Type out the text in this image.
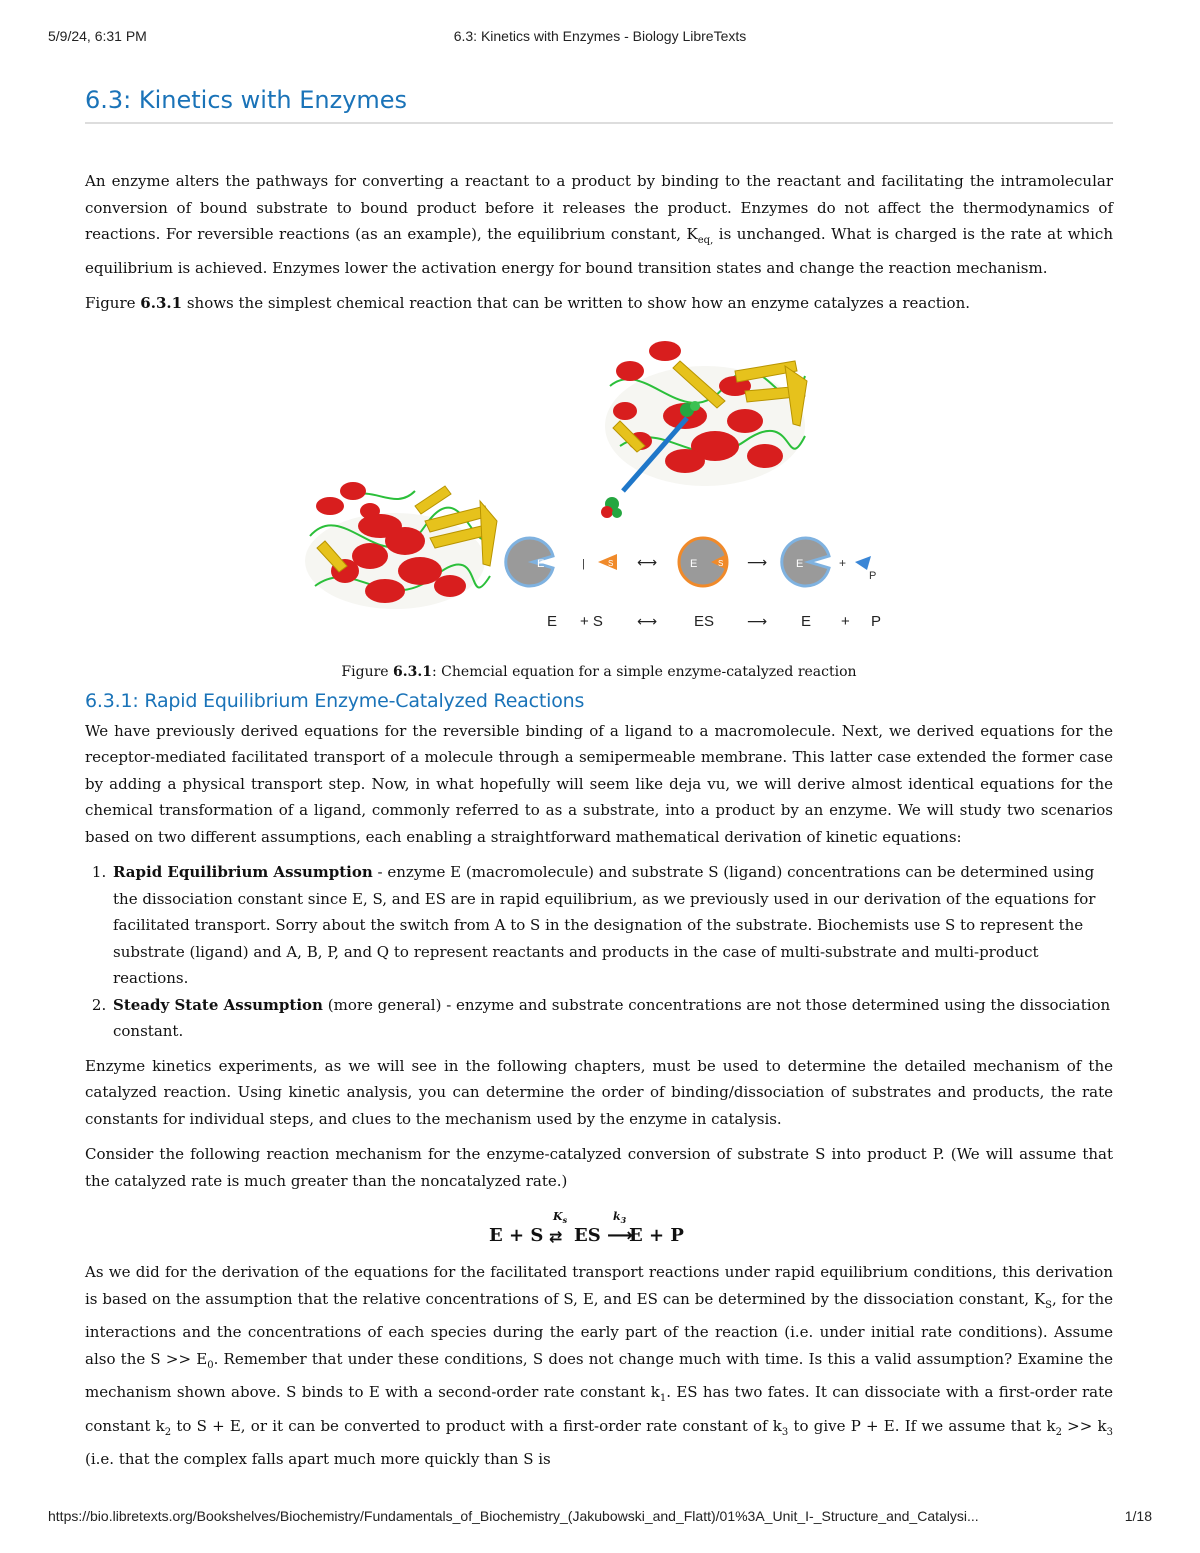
6.3: Kinetics with Enzymes - Biology LibreTexts
5/9/24, 6:31 PM
6.3: Kinetics with Enzymes

An enzyme alters the pathways for converting a reactant to a product by binding to the reactant and facilitating the intramolecular conversion of bound substrate to bound product before it releases the product. Enzymes do not affect the thermodynamics of reactions. For reversible reactions (as an example), the equilibrium constant, $K_{eq,}$ is unchanged. What is charged is the rate at which equilibrium is achieved. Enzymes lower the activation energy for bound transition states and change the reaction mechanism.

Figure 6.3.1 shows the simplest chemical reaction that can be written to show how an enzyme catalyzes a reaction.

E	|	S ⟷	E	S ⟶	E	+
P
E + S ⟷ ES ⟶ E + P
Figure 6.3.1: Chemcial equation for a simple enzyme-catalyzed reaction
6.3.1: Rapid Equilibrium Enzyme-Catalyzed Reactions

We have previously derived equations for the reversible binding of a ligand to a macromolecule. Next, we derived equations for the receptor-mediated facilitated transport of a molecule through a semipermeable membrane. This latter case extended the former case by adding a physical transport step. Now, in what hopefully will seem like deja vu, we will derive almost identical equations for the chemical transformation of a ligand, commonly referred to as a substrate, into a product by an enzyme. We will study two scenarios based on two different assumptions, each enabling a straightforward mathematical derivation of kinetic equations:

1. Rapid Equilibrium Assumption - enzyme E (macromolecule) and substrate S (ligand) concentrations can be determined using the dissociation constant since E, S, and ES are in rapid equilibrium, as we previously used in our derivation of the equations for facilitated transport. Sorry about the switch from A to S in the designation of the substrate. Biochemists use S to represent the substrate (ligand) and A, B, P, and Q to represent reactants and products in the case of multi-substrate and multi-product reactions.
2. Steady State Assumption (more general) - enzyme and substrate concentrations are not those determined using the dissociation constant.

Enzyme kinetics experiments, as we will see in the following chapters, must be used to determine the detailed mechanism of the catalyzed reaction. Using kinetic analysis, you can determine the order of binding/dissociation of substrates and products, the rate constants for individual steps, and clues to the mechanism used by the enzyme in catalysis.

Consider the following reaction mechanism for the enzyme-catalyzed conversion of substrate S into product P. (We will assume that the catalyzed rate is much greater than the noncatalyzed rate.)

E + S
$K_s$
⇄ ES
$k_3$
⟶
E + P

As we did for the derivation of the equations for the facilitated transport reactions under rapid equilibrium conditions, this derivation is based on the assumption that the relative concentrations of S, E, and ES can be determined by the dissociation constant, $K_S$, for the interactions and the concentrations of each species during the early part of the reaction (i.e. under initial rate conditions). Assume also the $S >> E_0$. Remember that under these conditions, S does not change much with time. Is this a valid assumption? Examine the mechanism shown above. S binds to E with a second-order rate constant $k_1$. ES has two fates. It can dissociate with a first-order rate constant $k_2$ to S + E, or it can be converted to product with a first-order rate constant of $k_3$ to give P + E. If we assume that $k_2 >> k_3$ (i.e. that the complex falls apart much more quickly than S is

https://bio.libretexts.org/Bookshelves/Biochemistry/Fundamentals_of_Biochemistry_(Jakubowski_and_Flatt)/01%3A_Unit_I-_Structure_and_Catalysi...	1/18
